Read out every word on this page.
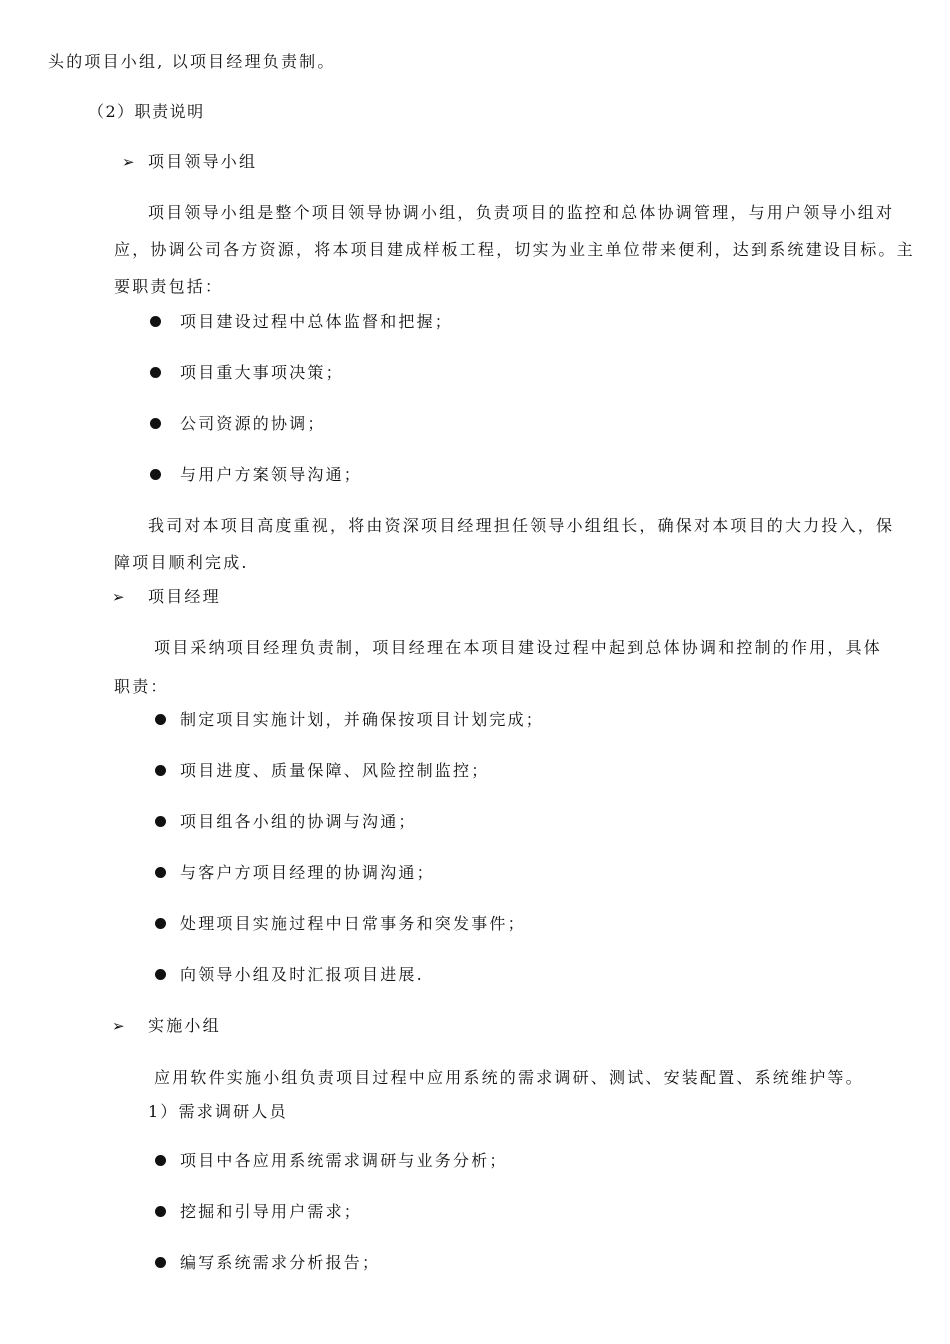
头的项目小组, 以项目经理负责制。
（2）职责说明
➢ 项目领导小组
项目领导小组是整个项目领导协调小组，负责项目的监控和总体协调管理，与用户领导小组对
应，协调公司各方资源，将本项目建成样板工程，切实为业主单位带来便利，达到系统建设目标。主
要职责包括：
项目建设过程中总体监督和把握；
项目重大事项决策；
公司资源的协调；
与用户方案领导沟通；
我司对本项目高度重视，将由资深项目经理担任领导小组组长，确保对本项目的大力投入，保
障项目顺利完成.
➢ 项目经理
项目采纳项目经理负责制，项目经理在本项目建设过程中起到总体协调和控制的作用，具体
职责：
制定项目实施计划，并确保按项目计划完成；
项目进度、质量保障、风险控制监控；
项目组各小组的协调与沟通；
与客户方项目经理的协调沟通；
处理项目实施过程中日常事务和突发事件；
向领导小组及时汇报项目进展.
➢ 实施小组
应用软件实施小组负责项目过程中应用系统的需求调研、测试、安装配置、系统维护等。
1）需求调研人员
项目中各应用系统需求调研与业务分析；
挖掘和引导用户需求；
编写系统需求分析报告；
